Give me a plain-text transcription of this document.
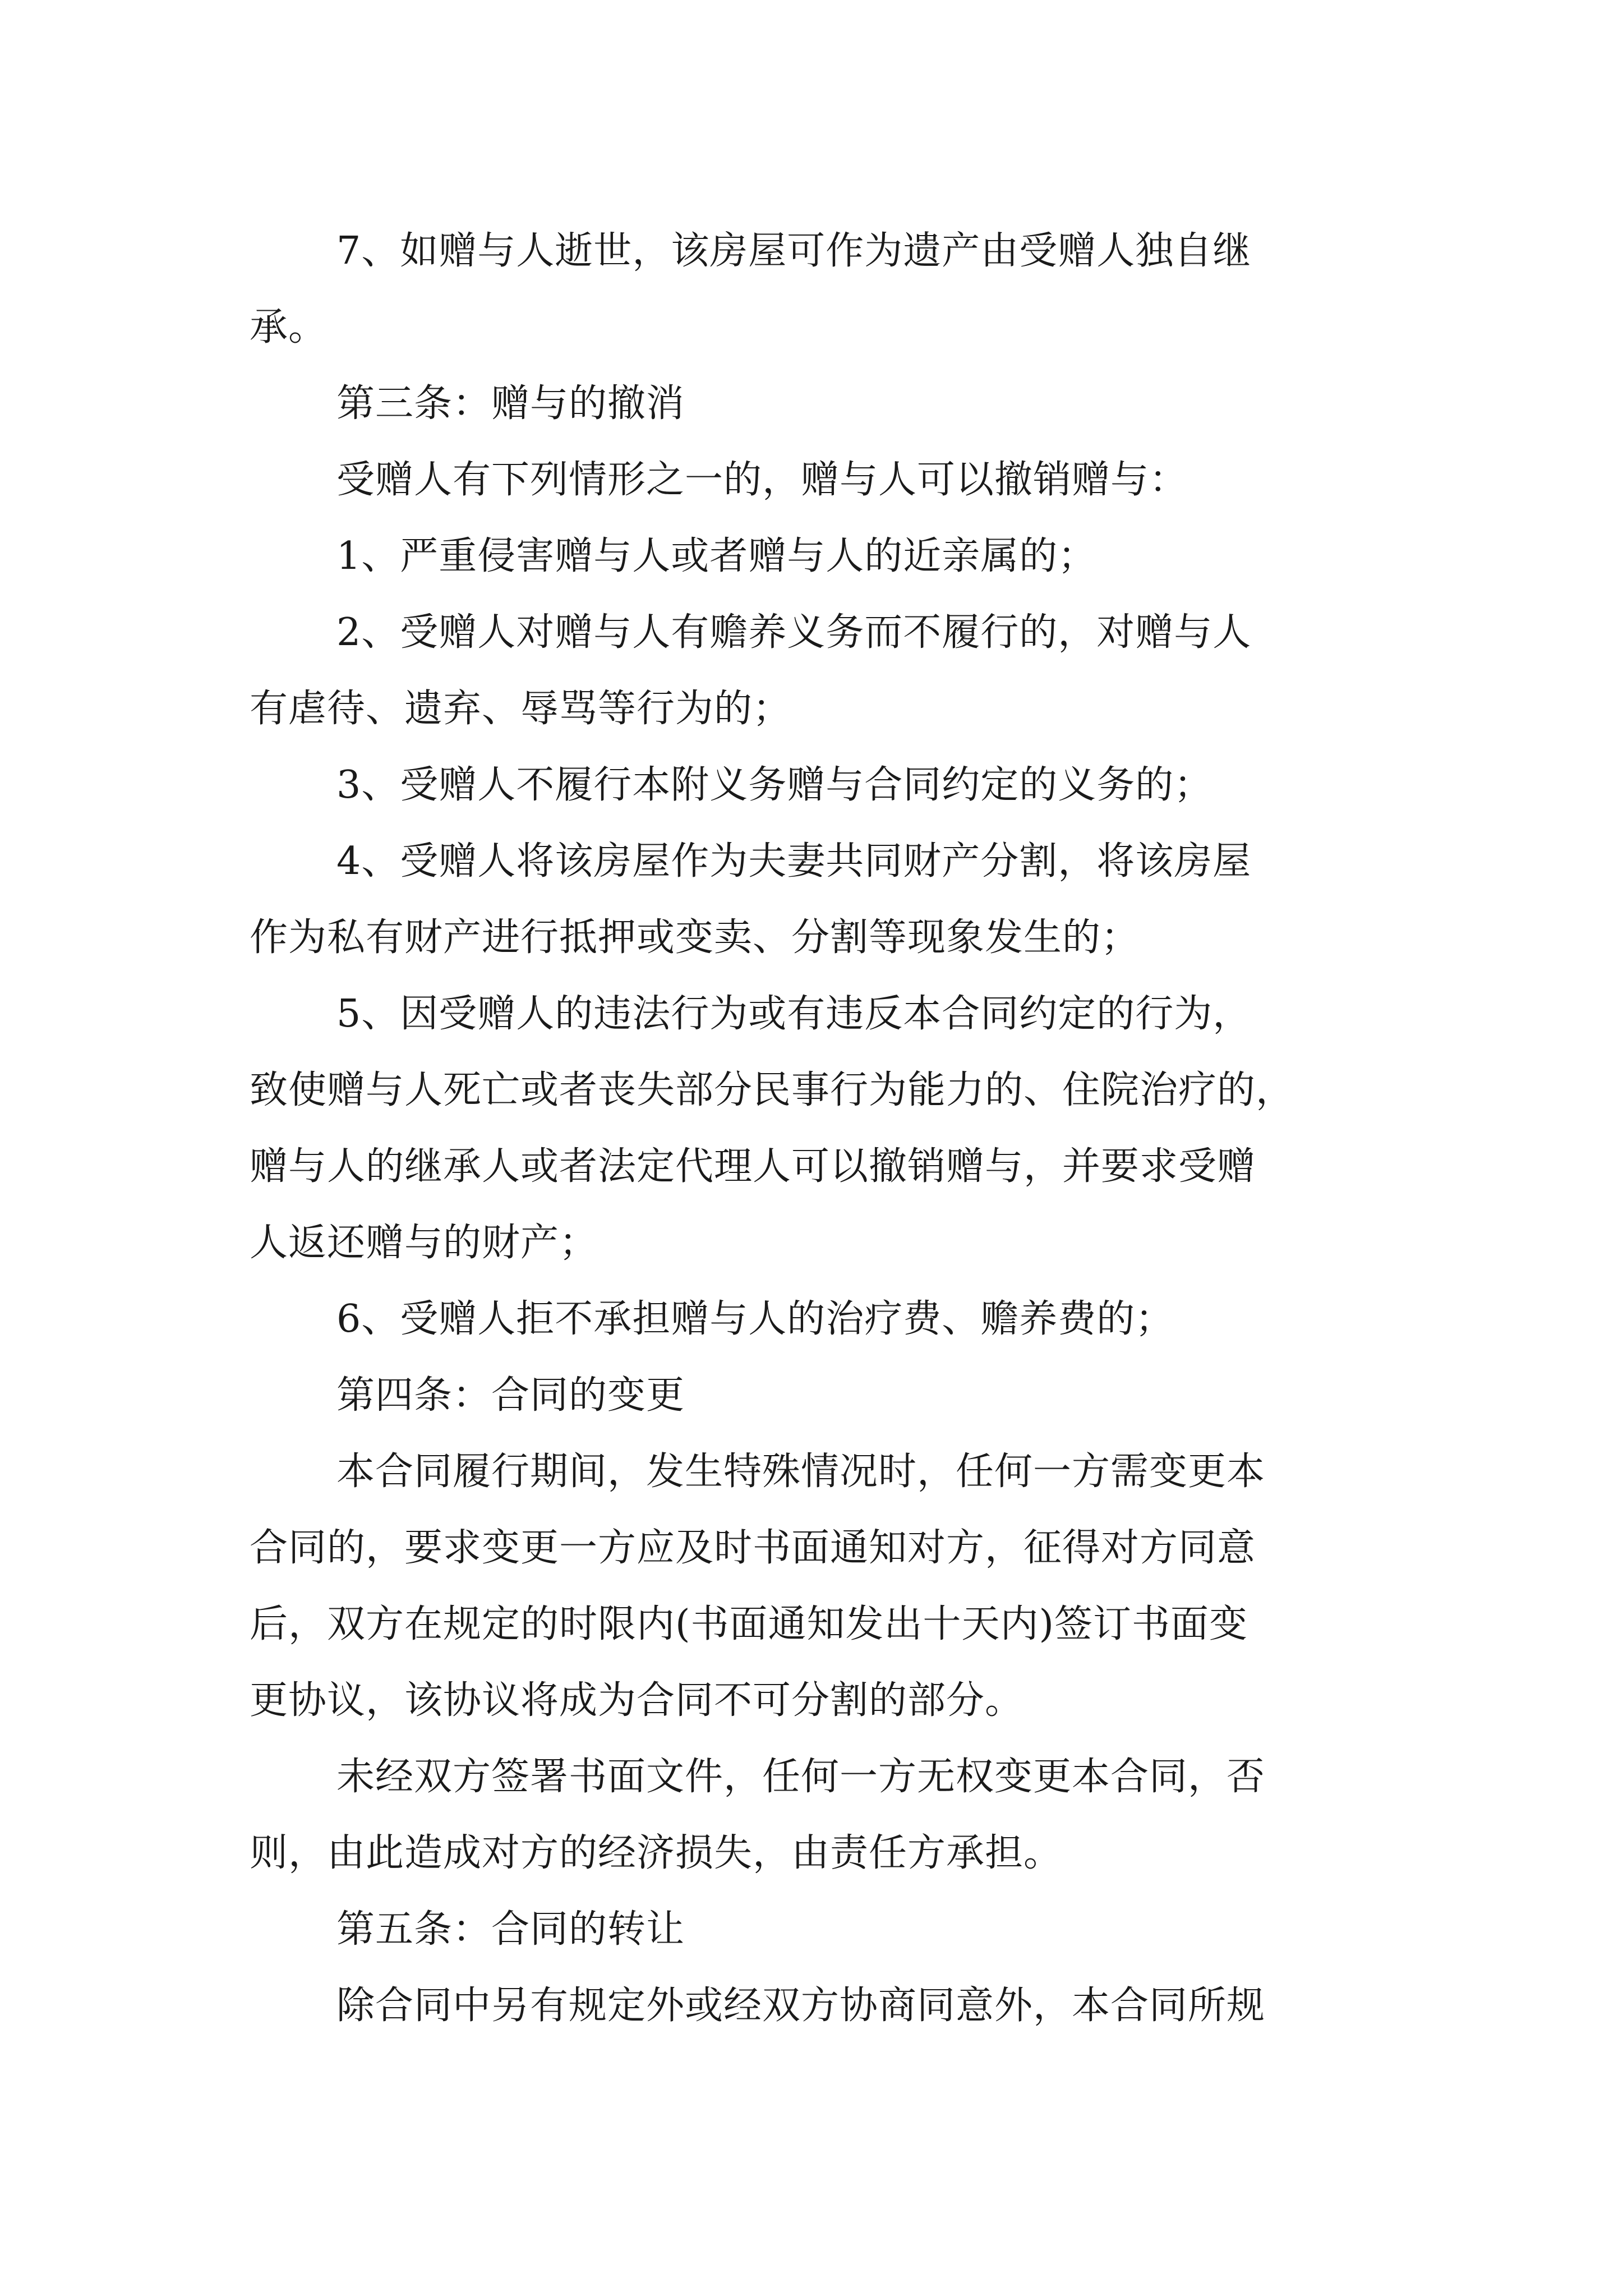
7、如赠与人逝世，该房屋可作为遗产由受赠人独自继
承。
第三条：赠与的撤消
受赠人有下列情形之一的，赠与人可以撤销赠与：
1、严重侵害赠与人或者赠与人的近亲属的；
2、受赠人对赠与人有赡养义务而不履行的，对赠与人
有虐待、遗弃、辱骂等行为的；
3、受赠人不履行本附义务赠与合同约定的义务的；
4、受赠人将该房屋作为夫妻共同财产分割，将该房屋
作为私有财产进行抵押或变卖、分割等现象发生的；
5、因受赠人的违法行为或有违反本合同约定的行为，
致使赠与人死亡或者丧失部分民事行为能力的、住院治疗的，
赠与人的继承人或者法定代理人可以撤销赠与，并要求受赠
人返还赠与的财产；
6、受赠人拒不承担赠与人的治疗费、赡养费的；
第四条：合同的变更
本合同履行期间，发生特殊情况时，任何一方需变更本
合同的，要求变更一方应及时书面通知对方，征得对方同意
后，双方在规定的时限内(书面通知发出十天内)签订书面变
更协议，该协议将成为合同不可分割的部分。
未经双方签署书面文件，任何一方无权变更本合同，否
则，由此造成对方的经济损失，由责任方承担。
第五条：合同的转让
除合同中另有规定外或经双方协商同意外，本合同所规
